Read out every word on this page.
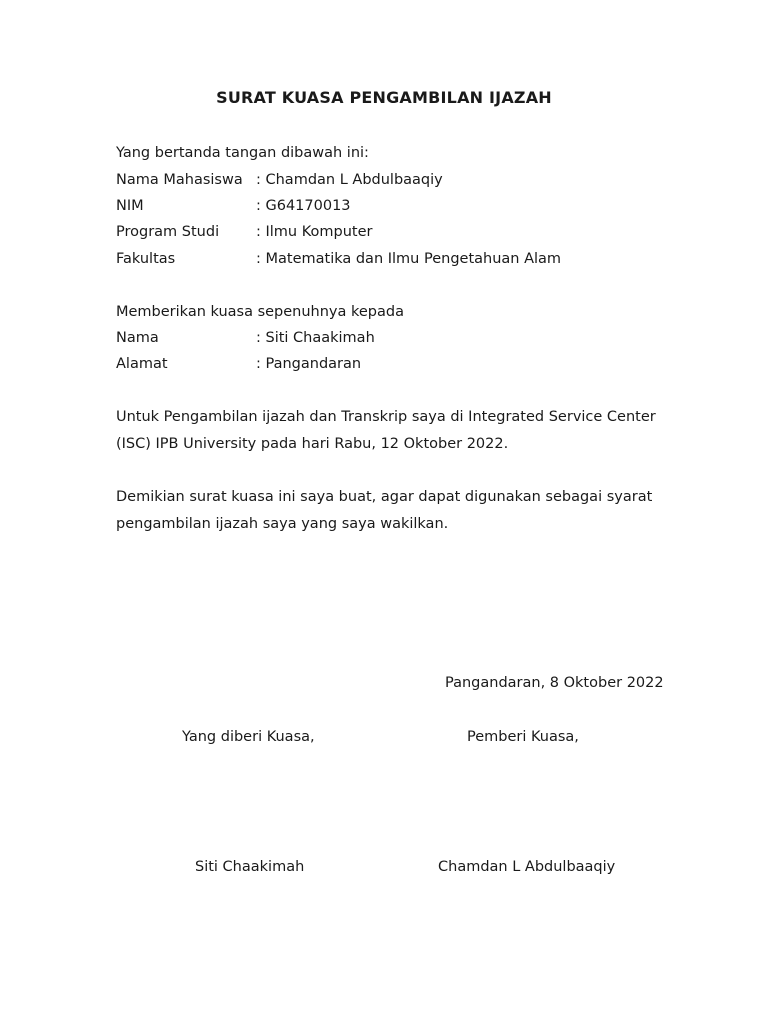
SURAT KUASA PENGAMBILAN IJAZAH
Yang bertanda tangan dibawah ini:
Nama Mahasiswa : Chamdan L Abdulbaaqiy
NIM	: G64170013
Program Studi	: Ilmu Komputer
Fakultas	: Matematika dan Ilmu Pengetahuan Alam
Memberikan kuasa sepenuhnya kepada
Nama	: Siti Chaakimah
Alamat	: Pangandaran
Untuk Pengambilan ijazah dan Transkrip saya di Integrated Service Center
(ISC) IPB University pada hari Rabu, 12 Oktober 2022.
Demikian surat kuasa ini saya buat, agar dapat digunakan sebagai syarat
pengambilan ijazah saya yang saya wakilkan.
Pangandaran, 8 Oktober 2022
Yang diberi Kuasa,	Pemberi Kuasa,
Siti Chaakimah	Chamdan L Abdulbaaqiy
